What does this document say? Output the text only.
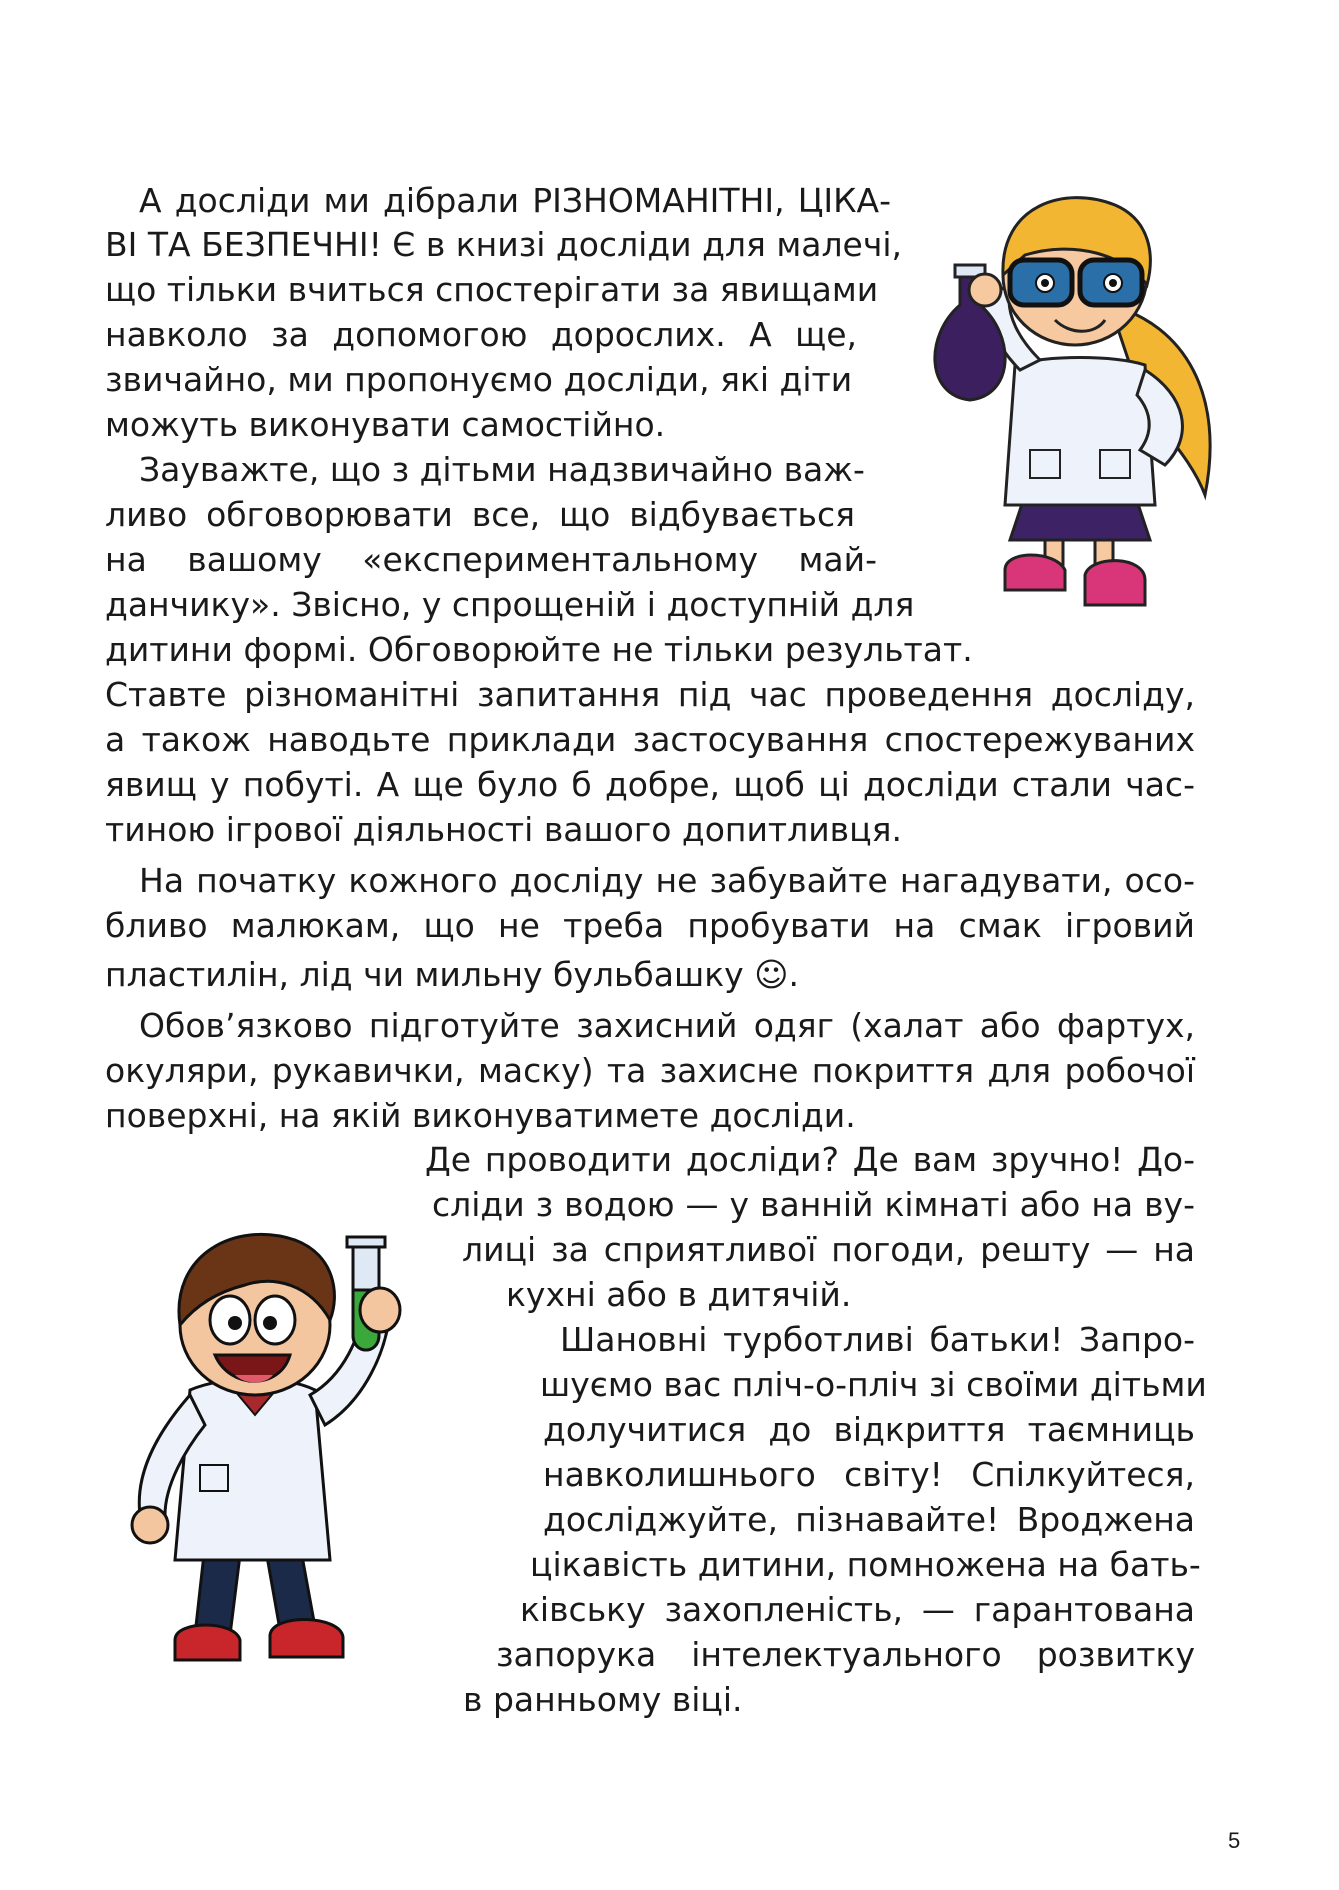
А досліди ми дібрали РІЗНОМАНІТНІ, ЦІКА-

ВІ ТА БЕЗПЕЧНІ! Є в книзі досліди для малечі,

що тільки вчиться спостерігати за явищами

навколо за допомогою дорослих. А ще,

звичайно, ми пропонуємо досліди, які діти

можуть виконувати самостійно.

Зауважте, що з дітьми надзвичайно важ-

ливо обговорювати все, що відбувається

на вашому «експериментальному май-

данчику». Звісно, у спрощеній і доступній для

дитини формі. Обговорюйте не тільки результат.

Ставте різноманітні запитання під час проведення досліду,

а також наводьте приклади застосування спостережуваних

явищ у побуті. А ще було б добре, щоб ці досліди стали час-

тиною ігрової діяльності вашого допитливця.

На початку кожного досліду не забувайте нагадувати, осо-

бливо малюкам, що не треба пробувати на смак ігровий

пластилін, лід чи мильну бульбашку ☺.

Обов’язково підготуйте захисний одяг (халат або фартух,

окуляри, рукавички, маску) та захисне покриття для робочої

поверхні, на якій виконуватимете досліди.

Де проводити досліди? Де вам зручно! До-

сліди з водою — у ванній кімнаті або на ву-

лиці за сприятливої погоди, решту — на

кухні або в дитячій.

Шановні турботливі батьки! Запро-

шуємо вас пліч-о-пліч зі своїми дітьми

долучитися до відкриття таємниць

навколишнього світу! Спілкуйтеся,

досліджуйте, пізнавайте! Вроджена

цікавість дитини, помножена на бать-

ківську захопленість, — гарантована

запорука інтелектуального розвитку

в ранньому віці.

5
